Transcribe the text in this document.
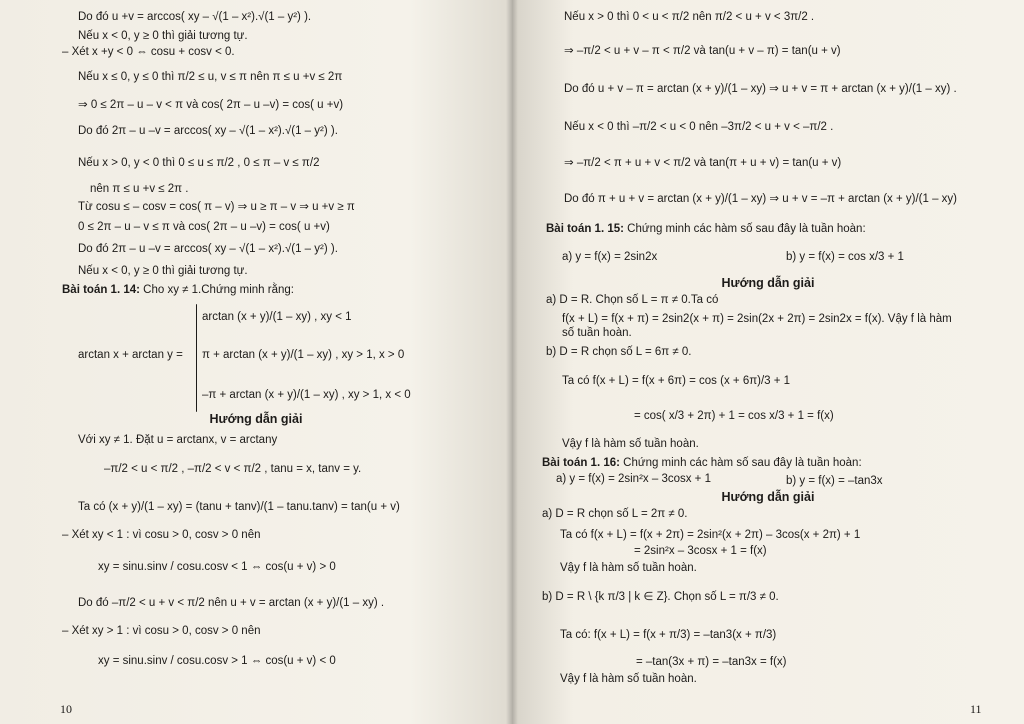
Do đó u +v = arccos( xy – √(1 – x²).√(1 – y²) ).
Nếu x < 0, y ≥ 0 thì giải tương tự.
– Xét x +y < 0 ⇔ cosu + cosv < 0.
Nếu x ≤ 0, y ≤ 0 thì π/2 ≤ u, v ≤ π nên π ≤ u +v ≤ 2π
⇒ 0 ≤ 2π – u – v < π và cos( 2π – u –v) = cos( u +v)
Do đó 2π – u –v = arccos( xy – √(1 – x²).√(1 – y²) ).
Nếu x > 0, y < 0 thì 0 ≤ u ≤ π/2 , 0 ≤ π – v ≤ π/2
nên π ≤ u +v ≤ 2π .
Từ cosu ≤ – cosv = cos( π – v) ⇒ u ≥ π – v ⇒ u +v ≥ π
0 ≤ 2π – u – v ≤ π và cos( 2π – u –v) = cos( u +v)
Do đó 2π – u –v = arccos( xy – √(1 – x²).√(1 – y²) ).
Nếu x < 0, y ≥ 0 thì giải tương tự.
Bài toán 1. 14: Cho xy ≠ 1.Chứng minh rằng:
arctan x + arctan y =
arctan (x + y)/(1 – xy) , xy < 1
π + arctan (x + y)/(1 – xy) , xy > 1, x > 0
–π + arctan (x + y)/(1 – xy) , xy > 1, x < 0
Hướng dẫn giải
Với xy ≠ 1. Đặt u = arctanx, v = arctany
–π/2 < u < π/2 , –π/2 < v < π/2 , tanu = x, tanv = y.
Ta có (x + y)/(1 – xy) = (tanu + tanv)/(1 – tanu.tanv) = tan(u + v)
– Xét xy < 1 : vì cosu > 0, cosv > 0 nên
xy = sinu.sinv / cosu.cosv < 1 ⇔ cos(u + v) > 0
Do đó –π/2 < u + v < π/2 nên u + v = arctan (x + y)/(1 – xy) .
– Xét xy > 1 : vì cosu > 0, cosv > 0 nên
xy = sinu.sinv / cosu.cosv > 1 ⇔ cos(u + v) < 0
10
Nếu x > 0 thì 0 < u < π/2 nên π/2 < u + v < 3π/2 .
⇒ –π/2 < u + v – π < π/2 và tan(u + v – π) = tan(u + v)
Do đó u + v – π = arctan (x + y)/(1 – xy) ⇒ u + v = π + arctan (x + y)/(1 – xy) .
Nếu x < 0 thì –π/2 < u < 0 nên –3π/2 < u + v < –π/2 .
⇒ –π/2 < π + u + v < π/2 và tan(π + u + v) = tan(u + v)
Do đó π + u + v = arctan (x + y)/(1 – xy) ⇒ u + v = –π + arctan (x + y)/(1 – xy)
Bài toán 1. 15: Chứng minh các hàm số sau đây là tuần hoàn:
a) y = f(x) = 2sin2x	b) y = f(x) = cos x/3 + 1
Hướng dẫn giải
a) D = R. Chọn số L = π ≠ 0.Ta có
f(x + L) = f(x + π) = 2sin2(x + π) = 2sin(2x + 2π) = 2sin2x = f(x). Vậy f là hàm
số tuần hoàn.
b) D = R chọn số L = 6π ≠ 0.
Ta có f(x + L) = f(x + 6π) = cos (x + 6π)/3 + 1
= cos( x/3 + 2π) + 1 = cos x/3 + 1 = f(x)
Vậy f là hàm số tuần hoàn.
Bài toán 1. 16: Chứng minh các hàm số sau đây là tuần hoàn:
a) y = f(x) = 2sin²x – 3cosx + 1	b) y = f(x) = –tan3x
Hướng dẫn giải
a) D = R chọn số L = 2π ≠ 0.
Ta có f(x + L) = f(x + 2π) = 2sin²(x + 2π) – 3cos(x + 2π) + 1
= 2sin²x – 3cosx + 1 = f(x)
Vậy f là hàm số tuần hoàn.
b) D = R \ {k π/3 | k ∈ Z}. Chọn số L = π/3 ≠ 0.
Ta có: f(x + L) = f(x + π/3) = –tan3(x + π/3)
= –tan(3x + π) = –tan3x = f(x)
Vậy f là hàm số tuần hoàn.
11
